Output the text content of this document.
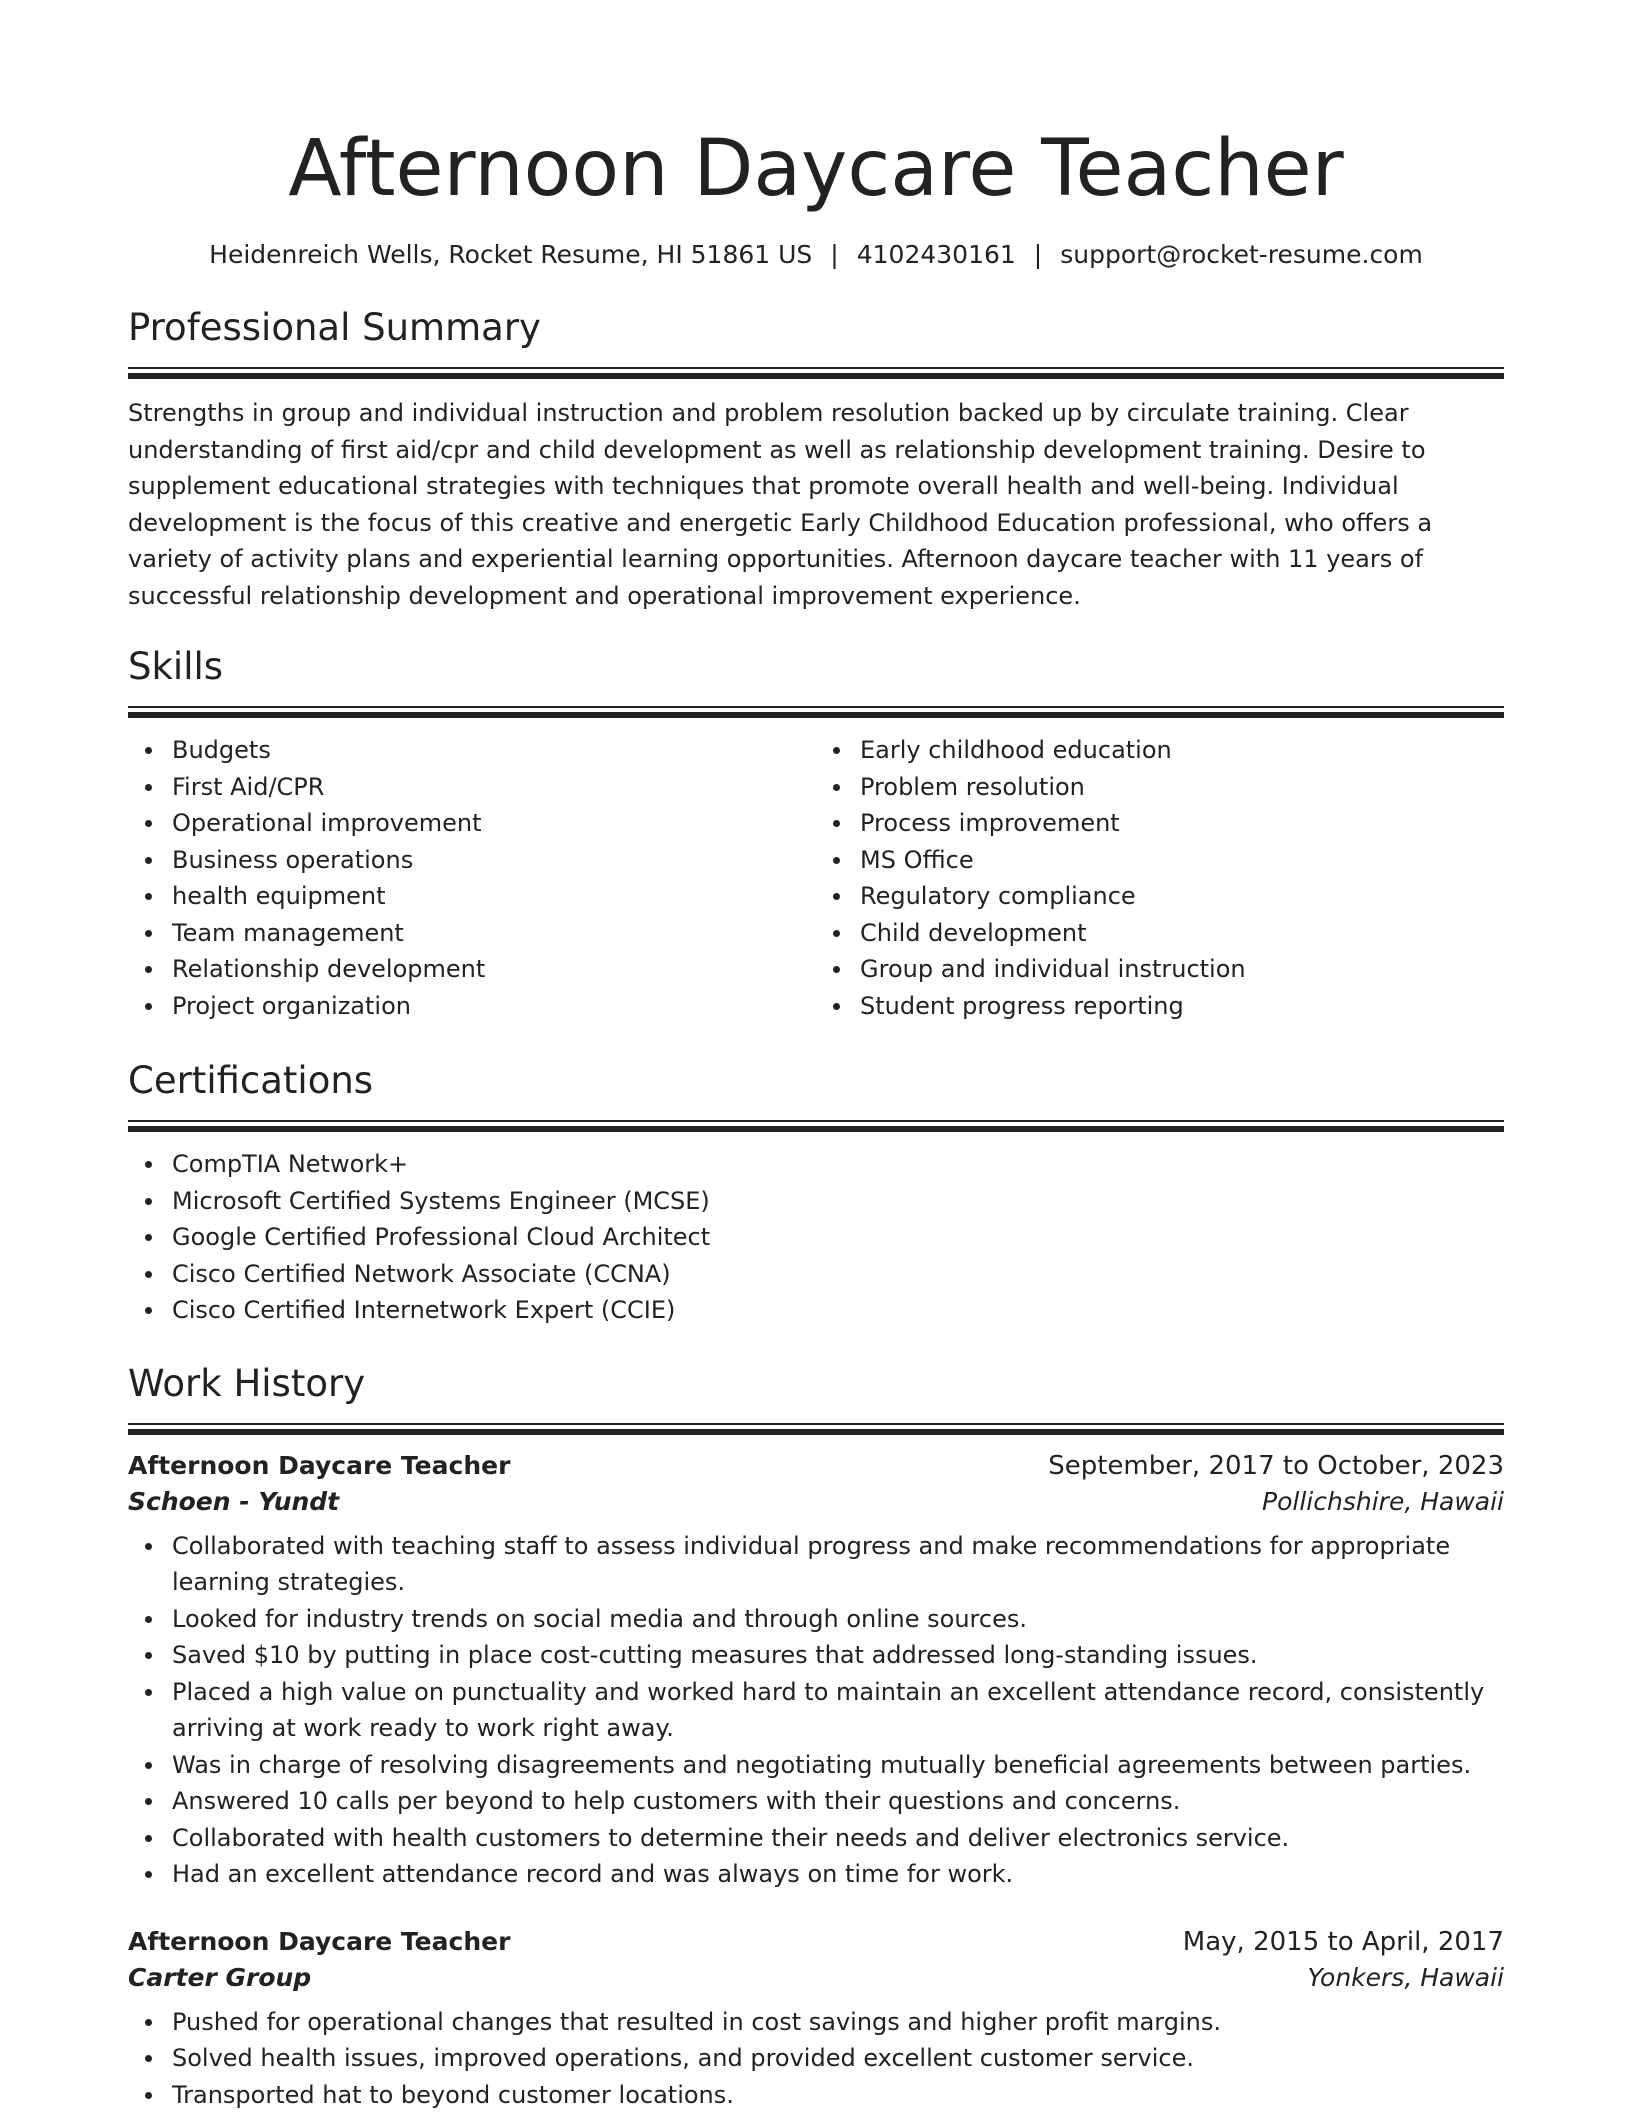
Afternoon Daycare Teacher
Heidenreich Wells, Rocket Resume, HI 51861 US | 4102430161 | support@rocket-resume.com
Professional Summary
Strengths in group and individual instruction and problem resolution backed up by circulate training. Clear understanding of first aid/cpr and child development as well as relationship development training. Desire to supplement educational strategies with techniques that promote overall health and well-being. Individual development is the focus of this creative and energetic Early Childhood Education professional, who offers a variety of activity plans and experiential learning opportunities. Afternoon daycare teacher with 11 years of successful relationship development and operational improvement experience.
Skills
Budgets
First Aid/CPR
Operational improvement
Business operations
health equipment
Team management
Relationship development
Project organization
Early childhood education
Problem resolution
Process improvement
MS Office
Regulatory compliance
Child development
Group and individual instruction
Student progress reporting
Certifications
CompTIA Network+
Microsoft Certified Systems Engineer (MCSE)
Google Certified Professional Cloud Architect
Cisco Certified Network Associate (CCNA)
Cisco Certified Internetwork Expert (CCIE)
Work History
Afternoon Daycare Teacher	September, 2017 to October, 2023
Schoen - Yundt	Pollichshire, Hawaii
Collaborated with teaching staff to assess individual progress and make recommendations for appropriate learning strategies.
Looked for industry trends on social media and through online sources.
Saved $10 by putting in place cost-cutting measures that addressed long-standing issues.
Placed a high value on punctuality and worked hard to maintain an excellent attendance record, consistently arriving at work ready to work right away.
Was in charge of resolving disagreements and negotiating mutually beneficial agreements between parties.
Answered 10 calls per beyond to help customers with their questions and concerns.
Collaborated with health customers to determine their needs and deliver electronics service.
Had an excellent attendance record and was always on time for work.
Afternoon Daycare Teacher	May, 2015 to April, 2017
Carter Group	Yonkers, Hawaii
Pushed for operational changes that resulted in cost savings and higher profit margins.
Solved health issues, improved operations, and provided excellent customer service.
Transported hat to beyond customer locations.
